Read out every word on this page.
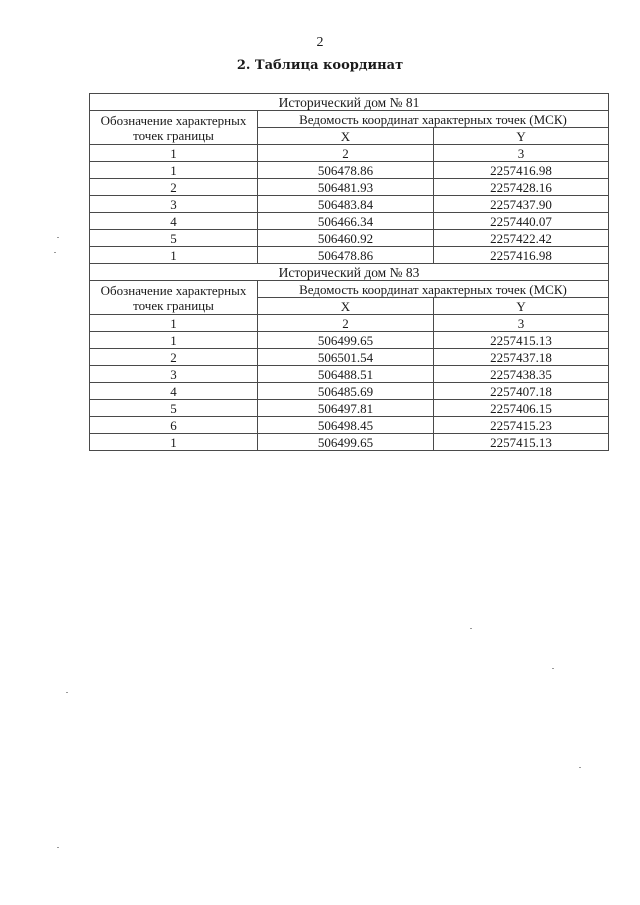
2
2. Таблица координат
Исторический дом № 81		
Обозначение характерных точек границы	Ведомость координат характерных точек (МСК)	
	X	Y
1	2	3
1	506478.86	2257416.98
2	506481.93	2257428.16
3	506483.84	2257437.90
4	506466.34	2257440.07
5	506460.92	2257422.42
1	506478.86	2257416.98
Исторический дом № 83		
Обозначение характерных точек границы	Ведомость координат характерных точек (МСК)	
	X	Y
1	2	3
1	506499.65	2257415.13
2	506501.54	2257437.18
3	506488.51	2257438.35
4	506485.69	2257407.18
5	506497.81	2257406.15
6	506498.45	2257415.23
1	506499.65	2257415.13
